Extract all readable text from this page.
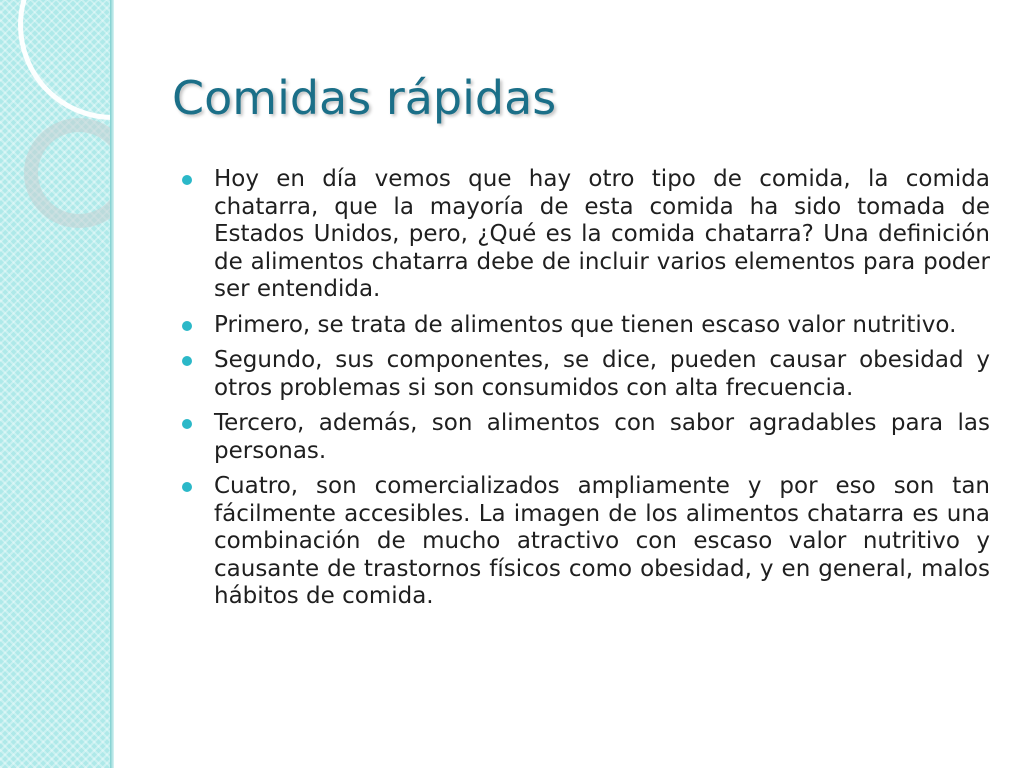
Comidas rápidas
Hoy en día vemos que hay otro tipo de comida, la comida chatarra, que la mayoría de esta comida ha sido tomada de Estados Unidos, pero, ¿Qué es la comida chatarra? Una definición de alimentos chatarra debe de incluir varios elementos para poder ser entendida.
Primero, se trata de alimentos que tienen escaso valor nutritivo.
Segundo, sus componentes, se dice, pueden causar obesidad y otros problemas si son consumidos con alta frecuencia.
Tercero, además, son alimentos con sabor agradables para las personas.
Cuatro, son comercializados ampliamente y por eso son tan fácilmente accesibles. La imagen de los alimentos chatarra es una combinación de mucho atractivo con escaso valor nutritivo y causante de trastornos físicos como obesidad, y en general, malos hábitos de comida.
